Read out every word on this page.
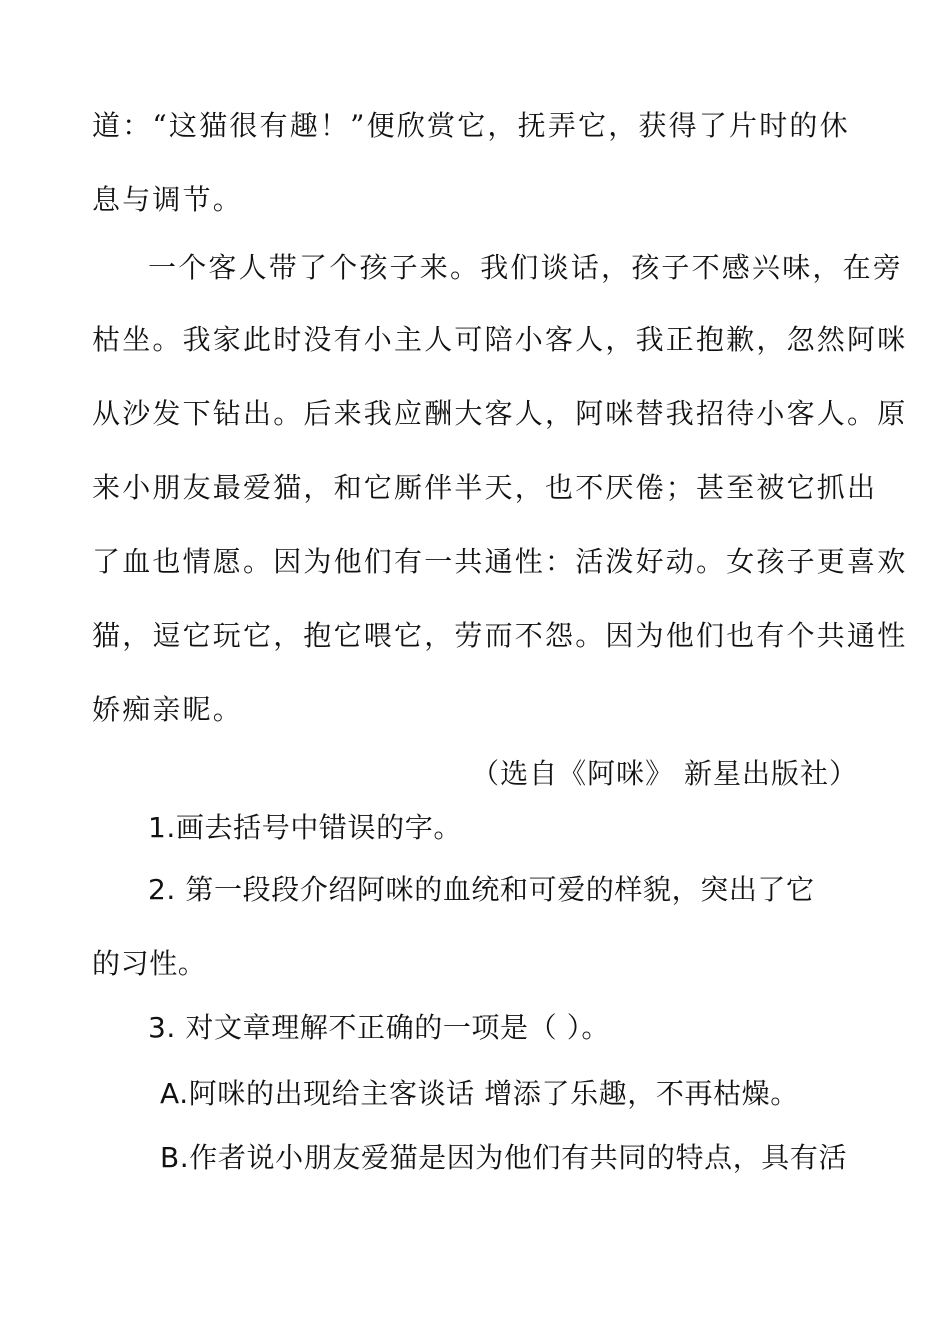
道：“这猫很有趣！”便欣赏它，抚弄它，获得了片时的休
息与调节。
一个客人带了个孩子来。我们谈话，孩子不感兴味，在旁
枯坐。我家此时没有小主人可陪小客人，我正抱歉，忽然阿咪
从沙发下钻出。后来我应酬大客人，阿咪替我招待小客人。原
来小朋友最爱猫，和它厮伴半天，也不厌倦；甚至被它抓出
了血也情愿。因为他们有一共通性：活泼好动。女孩子更喜欢
猫，逗它玩它，抱它喂它，劳而不怨。因为他们也有个共通性
娇痴亲昵。
（选自《阿咪》 新星出版社）
1.画去括号中错误的字。
2. 第一段段介绍阿咪的血统和可爱的样貌，突出了它
的习性。
3. 对文章理解不正确的一项是（ ）。
A.阿咪的出现给主客谈话 增添了乐趣，不再枯燥。
B.作者说小朋友爱猫是因为他们有共同的特点，具有活
